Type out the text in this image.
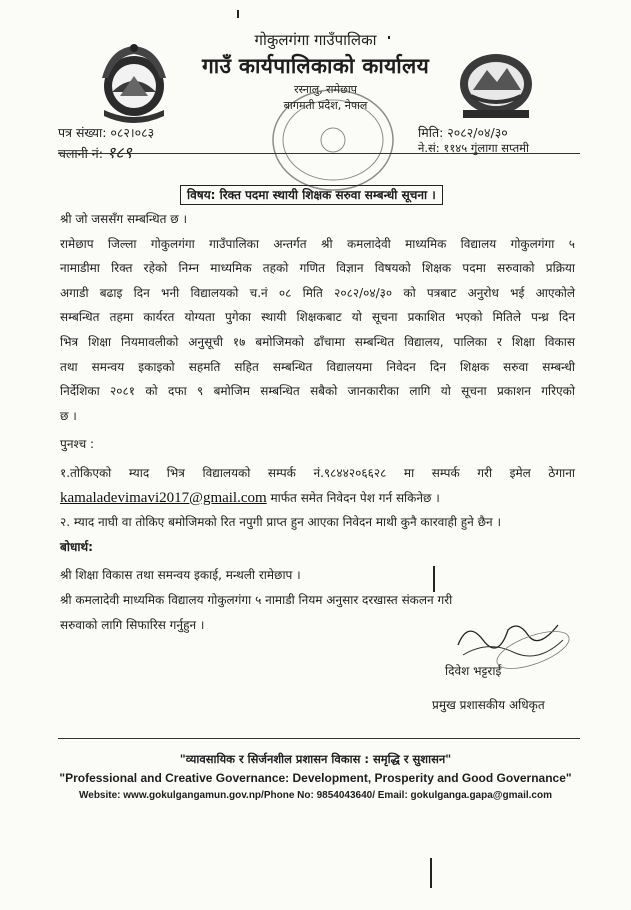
गोकुलगंगा गाउँपालिका
गाउँ कार्यपालिकाको कार्यालय
रस्नालु, रामेछाप
बागमती प्रदेश, नेपाल
पत्र संख्या: ०८२।०८३
चलानी नं: १८९
मिति: २०८२/०४/३०
ने.सं: ११४५ गुंलागा सप्तमी
विषय: रिक्त पदमा स्थायी शिक्षक सरुवा सम्बन्धी सूचना ।
श्री जो जससँग सम्बन्धित छ ।
रामेछाप जिल्ला गोकुलगंगा गाउँपालिका अन्तर्गत श्री कमलादेवी माध्यमिक विद्यालय गोकुलगंगा ५
नामाडीमा रिक्त रहेको निम्न माध्यमिक तहको गणित विज्ञान विषयको शिक्षक पदमा सरुवाको प्रक्रिया
अगाडी बढाइ दिन भनी विद्यालयको च.नं ०८ मिति २०८२/०४/३० को पत्रबाट अनुरोध भई आएकोले
सम्बन्धित तहमा कार्यरत योग्यता पुगेका स्थायी शिक्षकबाट यो सूचना प्रकाशित भएको मितिले पन्ध्र दिन
भित्र शिक्षा नियमावलीको अनुसूची १७ बमोजिमको ढाँचामा सम्बन्धित विद्यालय, पालिका र शिक्षा विकास
तथा समन्वय इकाइको सहमति सहित सम्बन्धित विद्यालयमा निवेदन दिन शिक्षक सरुवा सम्बन्धी
निर्देशिका २०८१ को दफा ९ बमोजिम सम्बन्धित सबैको जानकारीका लागि यो सूचना प्रकाशन गरिएको
छ ।
पुनश्च :
१.तोकिएको म्याद भित्र विद्यालयको सम्पर्क नं.९८४४२०६६२८ मा सम्पर्क गरी इमेल ठेगाना
kamaladevimavi2017@gmail.com मार्फत समेत निवेदन पेश गर्न सकिनेछ ।
२. म्याद नाघी वा तोकिए बमोजिमको रित नपुगी प्राप्त हुन आएका निवेदन माथी कुनै कारवाही हुने छैन ।
बोधार्थ:
श्री शिक्षा विकास तथा समन्वय इकाई, मन्थली रामेछाप ।
श्री कमलादेवी माध्यमिक विद्यालय गोकुलगंगा ५ नामाडी नियम अनुसार दरखास्त संकलन गरी
सरुवाको लागि सिफारिस गर्नुहुन ।
दिवेश भट्टराई
प्रमुख प्रशासकीय अधिकृत
"व्यावसायिक र सिर्जनशील प्रशासन विकास : समृद्धि र सुशासन"
"Professional and Creative Governance: Development, Prosperity and Good Governance"
Website: www.gokulgangamun.gov.np/Phone No: 9854043640/ Email: gokulganga.gapa@gmail.com
